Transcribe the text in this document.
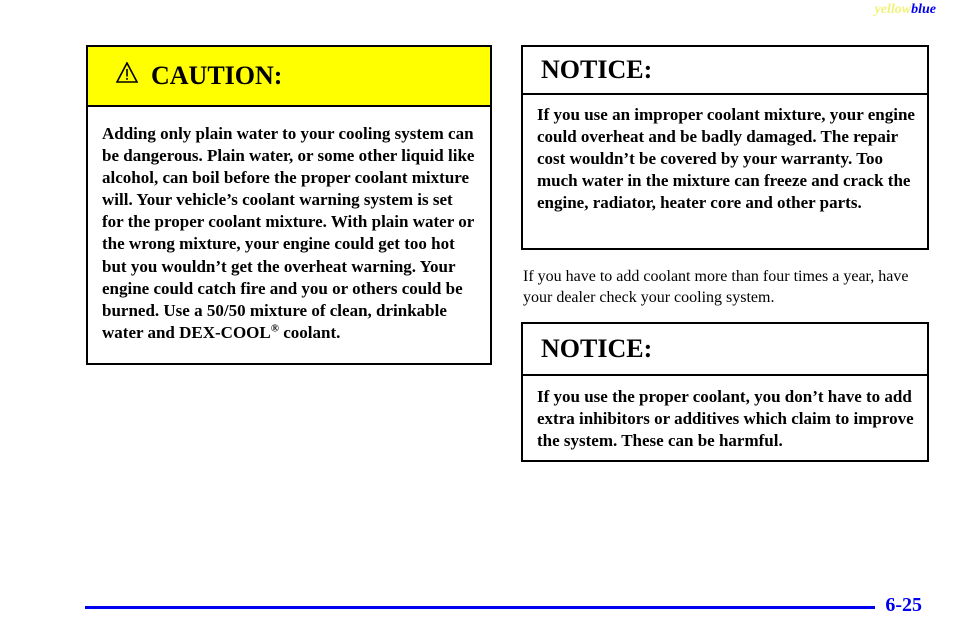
yellowblue
CAUTION:
Adding only plain water to your cooling system can be dangerous. Plain water, or some other liquid like alcohol, can boil before the proper coolant mixture will. Your vehicle’s coolant warning system is set for the proper coolant mixture. With plain water or the wrong mixture, your engine could get too hot but you wouldn’t get the overheat warning. Your engine could catch fire and you or others could be burned. Use a 50/50 mixture of clean, drinkable water and DEX-COOL® coolant.
NOTICE:
If you use an improper coolant mixture, your engine could overheat and be badly damaged. The repair cost wouldn’t be covered by your warranty. Too much water in the mixture can freeze and crack the engine, radiator, heater core and other parts.
If you have to add coolant more than four times a year, have your dealer check your cooling system.
NOTICE:
If you use the proper coolant, you don’t have to add extra inhibitors or additives which claim to improve the system. These can be harmful.
6-25
